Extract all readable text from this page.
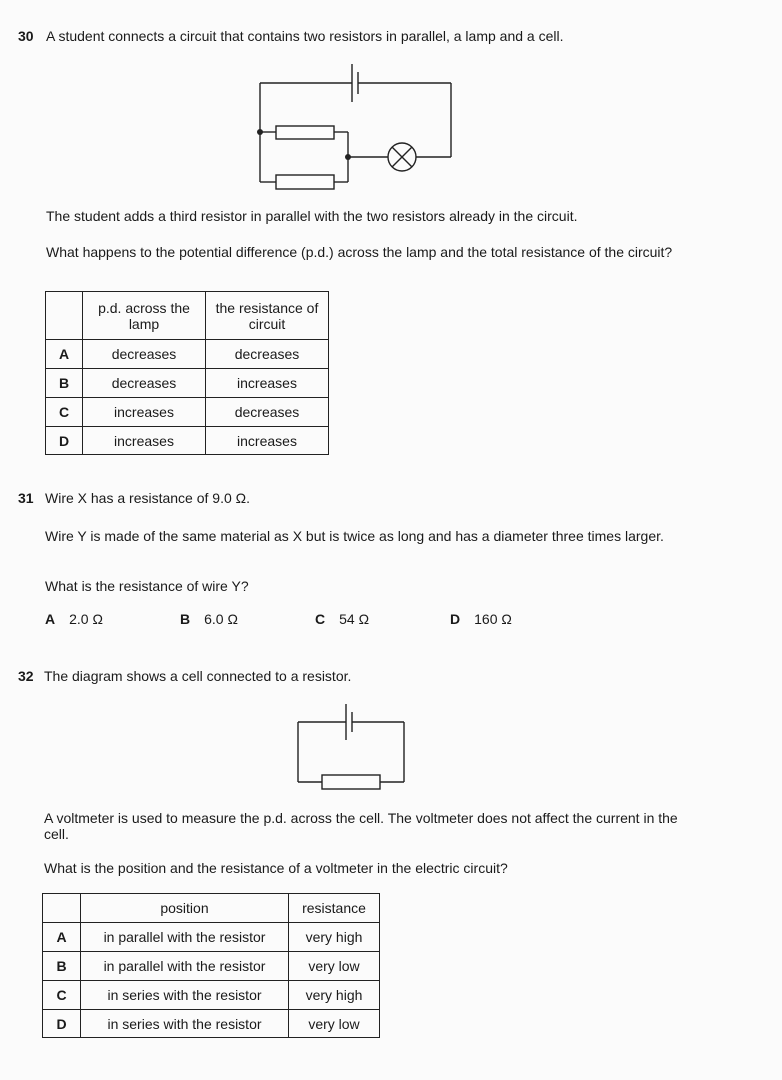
30 A student connects a circuit that contains two resistors in parallel, a lamp and a cell.
The student adds a third resistor in parallel with the two resistors already in the circuit.
What happens to the potential difference (p.d.) across the lamp and the total resistance of the circuit?
	p.d. across the lamp	the resistance of circuit
A	decreases	decreases
B	decreases	increases
C	increases	decreases
D	increases	increases
31 Wire X has a resistance of 9.0 Ω.
Wire Y is made of the same material as X but is twice as long and has a diameter three times larger.
What is the resistance of wire Y?
A 2.0 Ω	B 6.0 Ω	C 54 Ω	D 160 Ω
32 The diagram shows a cell connected to a resistor.
A voltmeter is used to measure the p.d. across the cell. The voltmeter does not affect the current in the cell.
What is the position and the resistance of a voltmeter in the electric circuit?
	position	resistance
A	in parallel with the resistor	very high
B	in parallel with the resistor	very low
C	in series with the resistor	very high
D	in series with the resistor	very low
